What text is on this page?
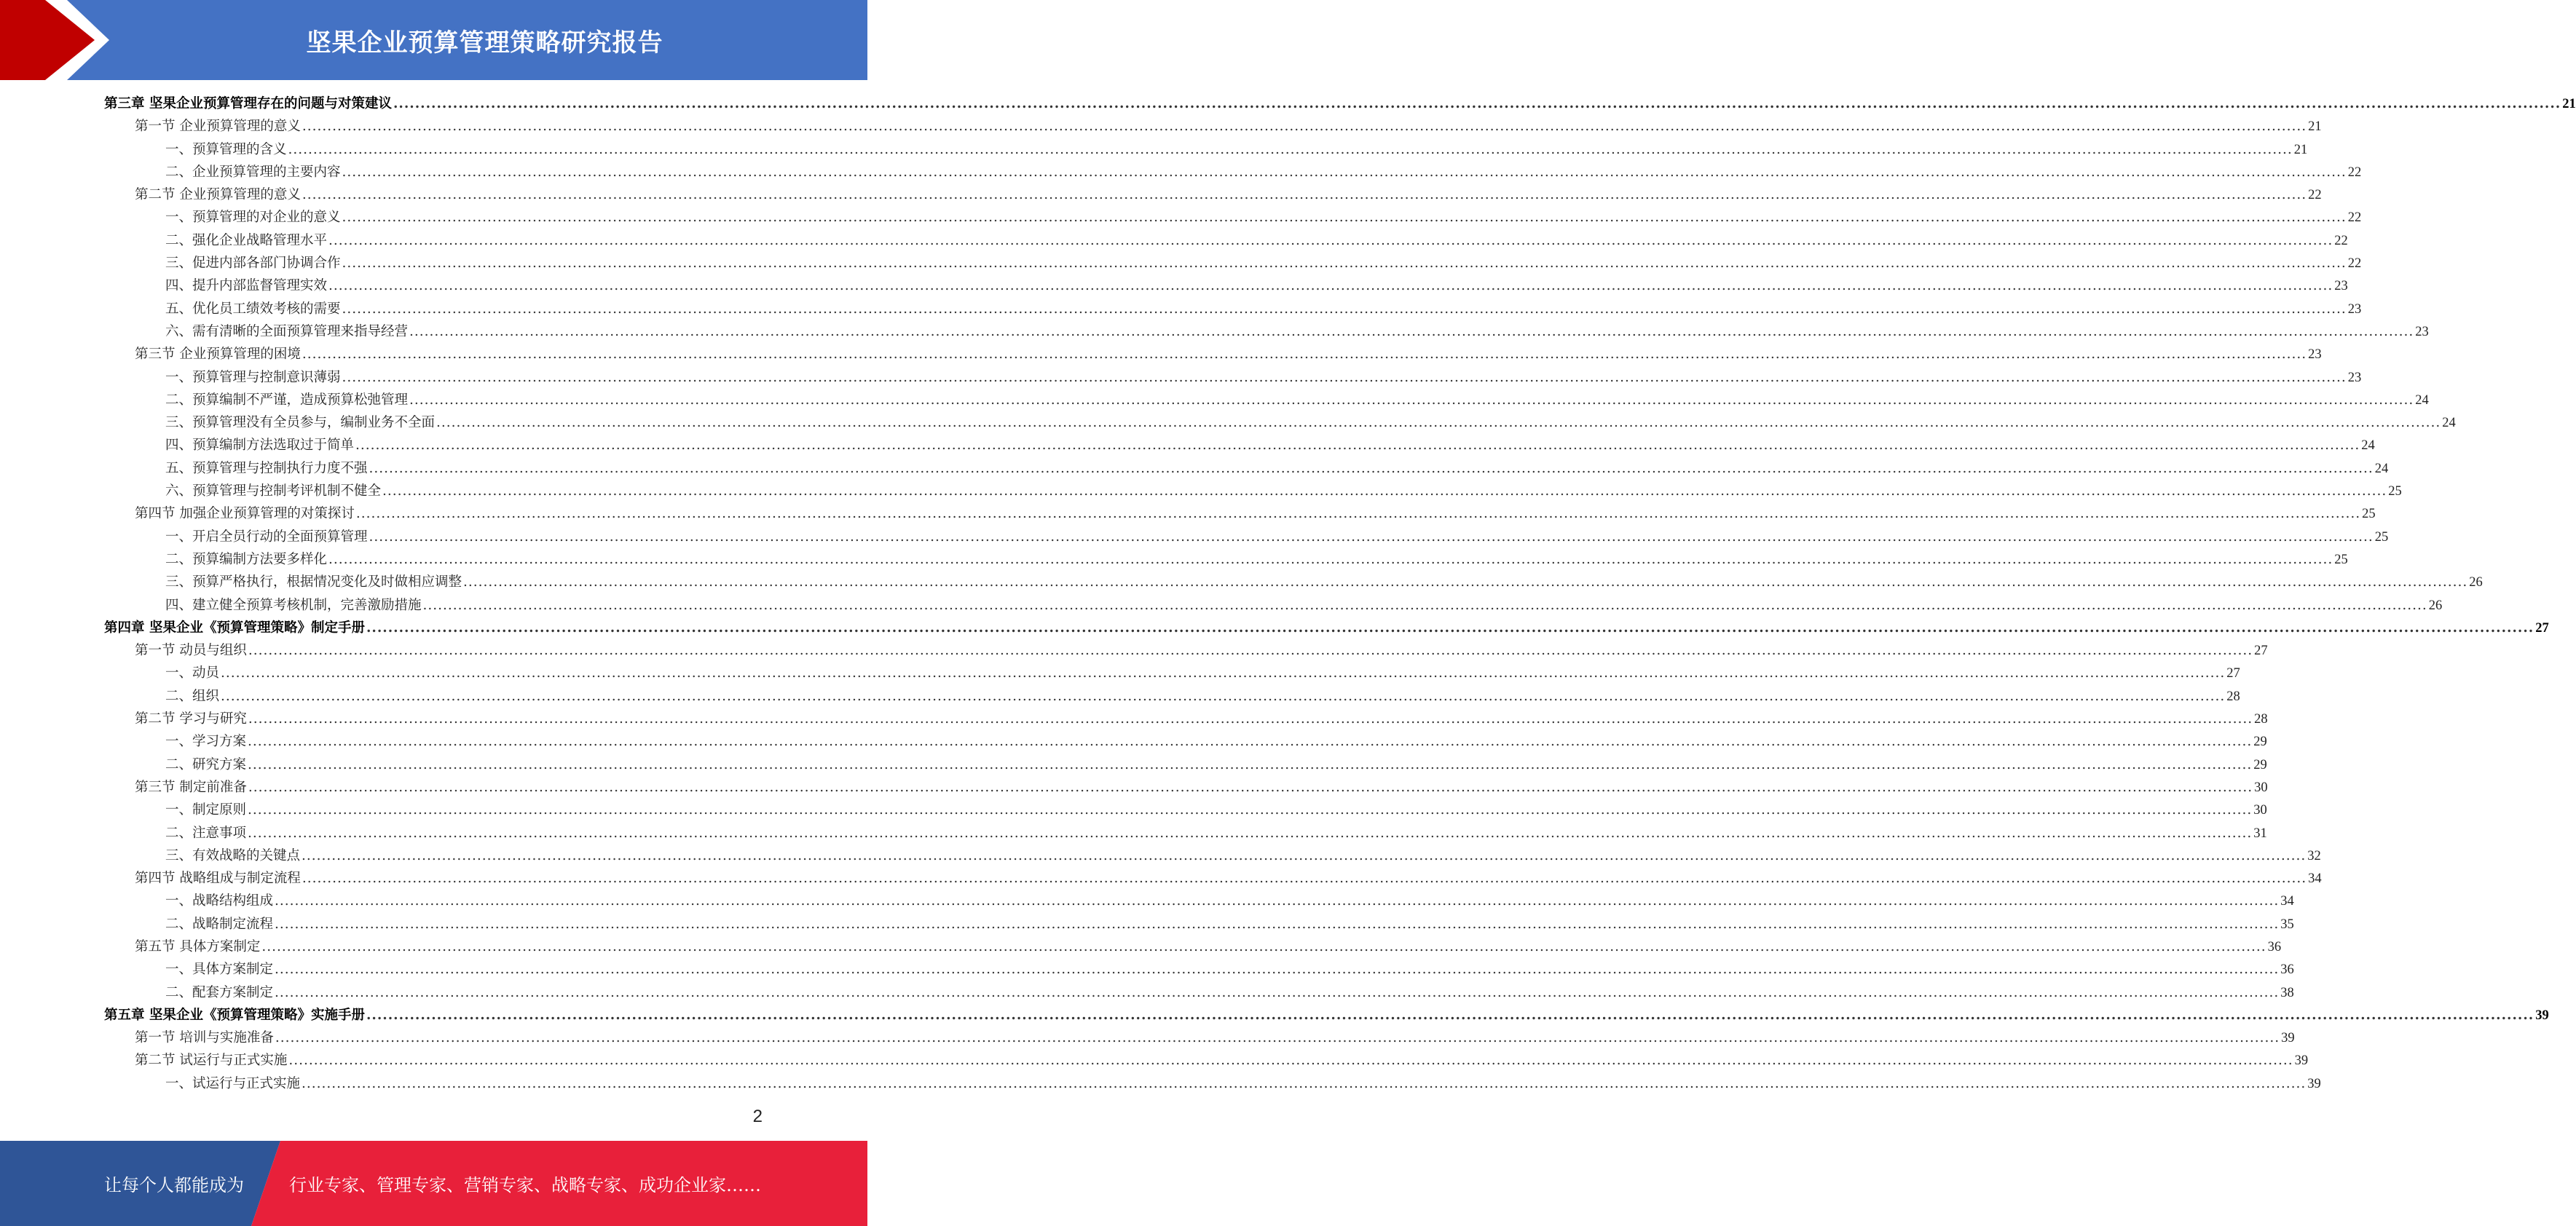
坚果企业预算管理策略研究报告
第三章 坚果企业预算管理存在的问题与对策建议 ................................................................................................................................................................................................................................................................................................................................................................................................................ 21
第一节 企业预算管理的意义 ................................................................................................................................................................................................................................................................................................................................................................................................................ 21
一、预算管理的含义 ................................................................................................................................................................................................................................................................................................................................................................................................................ 21
二、企业预算管理的主要内容 ................................................................................................................................................................................................................................................................................................................................................................................................................ 22
第二节 企业预算管理的意义 ................................................................................................................................................................................................................................................................................................................................................................................................................ 22
一、预算管理的对企业的意义 ................................................................................................................................................................................................................................................................................................................................................................................................................ 22
二、强化企业战略管理水平 ................................................................................................................................................................................................................................................................................................................................................................................................................ 22
三、促进内部各部门协调合作 ................................................................................................................................................................................................................................................................................................................................................................................................................ 22
四、提升内部监督管理实效 ................................................................................................................................................................................................................................................................................................................................................................................................................ 23
五、优化员工绩效考核的需要 ................................................................................................................................................................................................................................................................................................................................................................................................................ 23
六、需有清晰的全面预算管理来指导经营 ................................................................................................................................................................................................................................................................................................................................................................................................................ 23
第三节 企业预算管理的困境 ................................................................................................................................................................................................................................................................................................................................................................................................................ 23
一、预算管理与控制意识薄弱 ................................................................................................................................................................................................................................................................................................................................................................................................................ 23
二、预算编制不严谨，造成预算松弛管理 ................................................................................................................................................................................................................................................................................................................................................................................................................ 24
三、预算管理没有全员参与，编制业务不全面 ................................................................................................................................................................................................................................................................................................................................................................................................................ 24
四、预算编制方法选取过于简单 ................................................................................................................................................................................................................................................................................................................................................................................................................ 24
五、预算管理与控制执行力度不强 ................................................................................................................................................................................................................................................................................................................................................................................................................ 24
六、预算管理与控制考评机制不健全 ................................................................................................................................................................................................................................................................................................................................................................................................................ 25
第四节 加强企业预算管理的对策探讨 ................................................................................................................................................................................................................................................................................................................................................................................................................ 25
一、开启全员行动的全面预算管理 ................................................................................................................................................................................................................................................................................................................................................................................................................ 25
二、预算编制方法要多样化 ................................................................................................................................................................................................................................................................................................................................................................................................................ 25
三、预算严格执行，根据情况变化及时做相应调整 ................................................................................................................................................................................................................................................................................................................................................................................................................ 26
四、建立健全预算考核机制，完善激励措施 ................................................................................................................................................................................................................................................................................................................................................................................................................ 26
第四章 坚果企业《预算管理策略》制定手册 ................................................................................................................................................................................................................................................................................................................................................................................................................ 27
第一节 动员与组织 ................................................................................................................................................................................................................................................................................................................................................................................................................ 27
一、动员 ................................................................................................................................................................................................................................................................................................................................................................................................................ 27
二、组织 ................................................................................................................................................................................................................................................................................................................................................................................................................ 28
第二节 学习与研究 ................................................................................................................................................................................................................................................................................................................................................................................................................ 28
一、学习方案 ................................................................................................................................................................................................................................................................................................................................................................................................................ 29
二、研究方案 ................................................................................................................................................................................................................................................................................................................................................................................................................ 29
第三节 制定前准备 ................................................................................................................................................................................................................................................................................................................................................................................................................ 30
一、制定原则 ................................................................................................................................................................................................................................................................................................................................................................................................................ 30
二、注意事项 ................................................................................................................................................................................................................................................................................................................................................................................................................ 31
三、有效战略的关键点 ................................................................................................................................................................................................................................................................................................................................................................................................................ 32
第四节 战略组成与制定流程 ................................................................................................................................................................................................................................................................................................................................................................................................................ 34
一、战略结构组成 ................................................................................................................................................................................................................................................................................................................................................................................................................ 34
二、战略制定流程 ................................................................................................................................................................................................................................................................................................................................................................................................................ 35
第五节 具体方案制定 ................................................................................................................................................................................................................................................................................................................................................................................................................ 36
一、具体方案制定 ................................................................................................................................................................................................................................................................................................................................................................................................................ 36
二、配套方案制定 ................................................................................................................................................................................................................................................................................................................................................................................................................ 38
第五章 坚果企业《预算管理策略》实施手册 ................................................................................................................................................................................................................................................................................................................................................................................................................ 39
第一节 培训与实施准备 ................................................................................................................................................................................................................................................................................................................................................................................................................ 39
第二节 试运行与正式实施 ................................................................................................................................................................................................................................................................................................................................................................................................................ 39
一、试运行与正式实施 ................................................................................................................................................................................................................................................................................................................................................................................................................ 39
2
让每个人都能成为	行业专家、管理专家、营销专家、战略专家、成功企业家……
